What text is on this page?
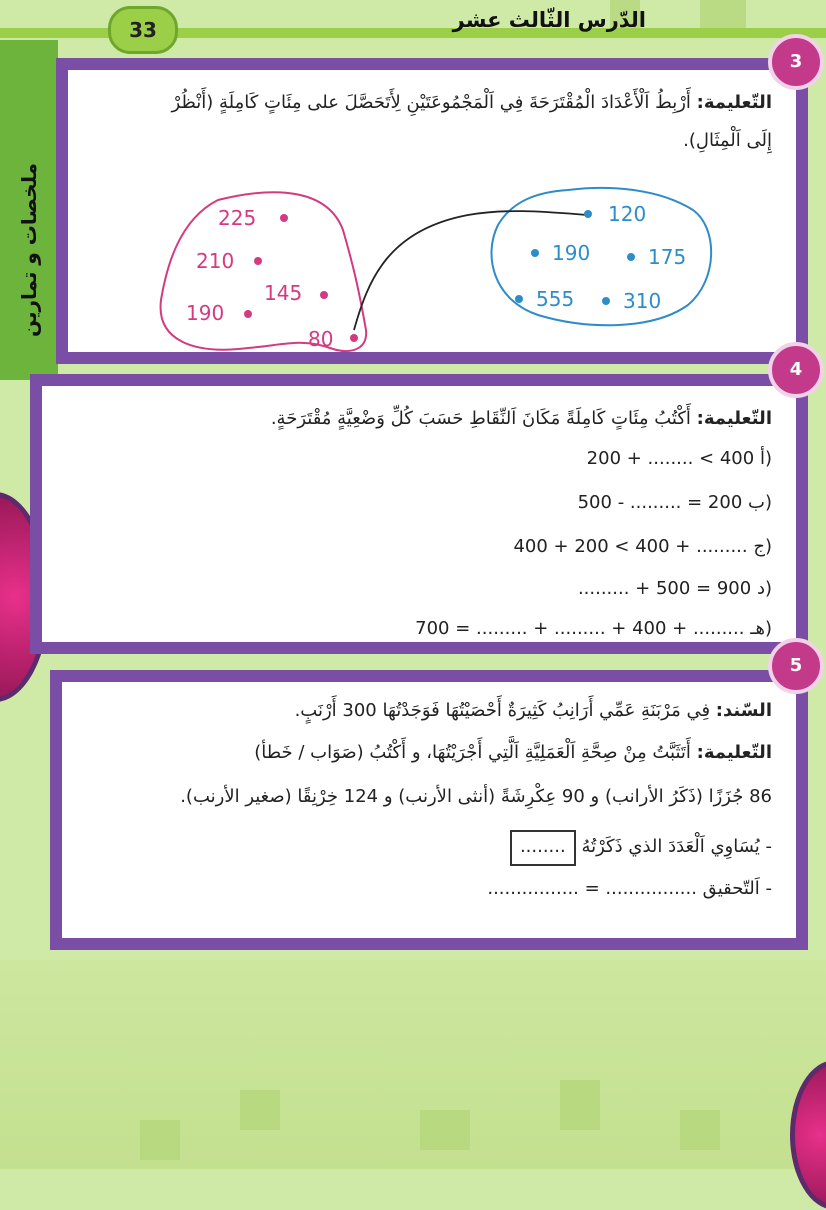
33	الدّرس الثّالث عشر
ملخصات و تمارين
التّعليمة: أَرْبِطُ اَلْأَعْدَادَ الْمُقْتَرَحَةَ فِي اَلْمَجْمُوعَتَيْنِ لِأَتَحَصَّلَ على مِئَاتٍ كَامِلَةٍ (أَنْظُرْ
إِلَى اَلْمِثَالِ).
225
210
145
190
80
120
190	175
555 310
3
التّعليمة: أَكْتُبُ مِئَاتٍ كَامِلَةً مَكَانَ اَلنِّقَاطِ حَسَبَ كُلِّ وَضْعِيَّةٍ مُقْتَرَحَةٍ.
200 + ........ < 400 أ)
500 - ......... = 200 ب)
400 + 200 < 400 + ......... ج)
......... + 500 = 900 د)
700 = ......... + ......... + 400 + ......... هـ)
4
السّند: فِي مَرْبَنَةِ عَمِّي أَرَانِبُ كَثِيرَةٌ أَحْصَيْتُهَا فَوَجَدْتُهَا 300 أَرْنَبٍ.
التّعليمة: أَتَثَبَّتُ مِنْ صِحَّةِ اَلْعَمَلِيَّةِ اَلَّتِي أَجْرَيْتُهَا، و أَكْتُبُ (صَوَاب / خَطأ)
86 جُزَزًا (ذَكَرُ الأرانب) و 90 عِكْرِشَةً (أنثى الأرنب) و 124 خِرْنِقًا (صغير الأرنب).
- يُسَاوِي اَلْعَدَدَ الذي ذَكَرْتُهُ ........
- اَلتّحقيق ................ = ................
5
